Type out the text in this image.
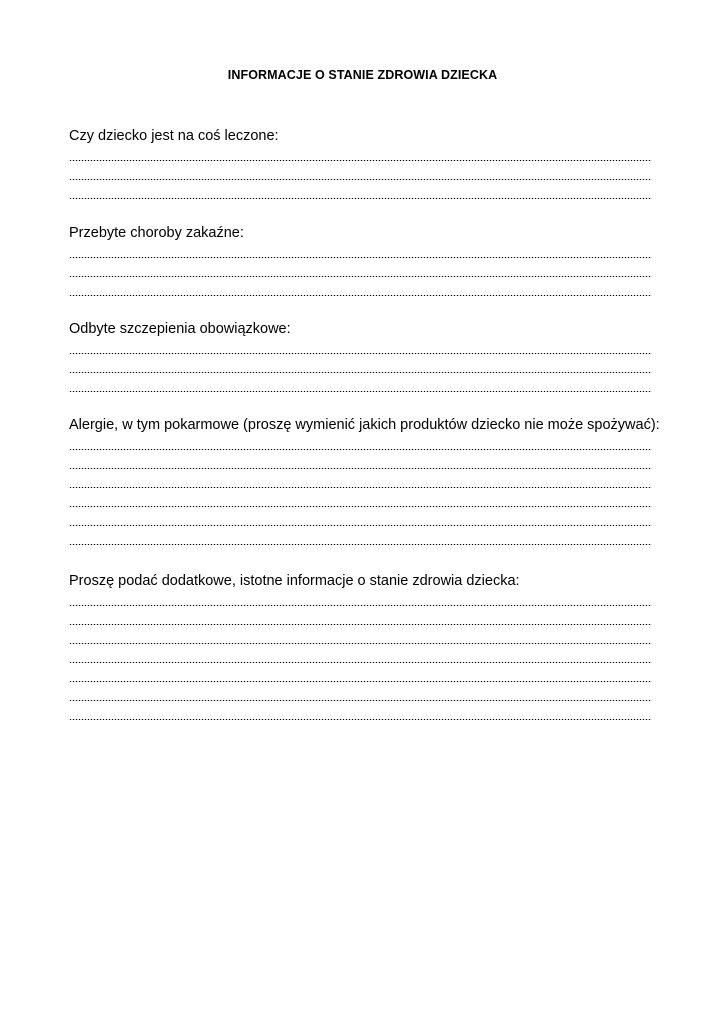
INFORMACJE O STANIE ZDROWIA DZIECKA
Czy dziecko jest na coś leczone:
Przebyte choroby zakaźne:
Odbyte szczepienia obowiązkowe:
Alergie, w tym pokarmowe (proszę wymienić jakich produktów dziecko nie może spożywać):
Proszę podać dodatkowe, istotne informacje o stanie zdrowia dziecka:
